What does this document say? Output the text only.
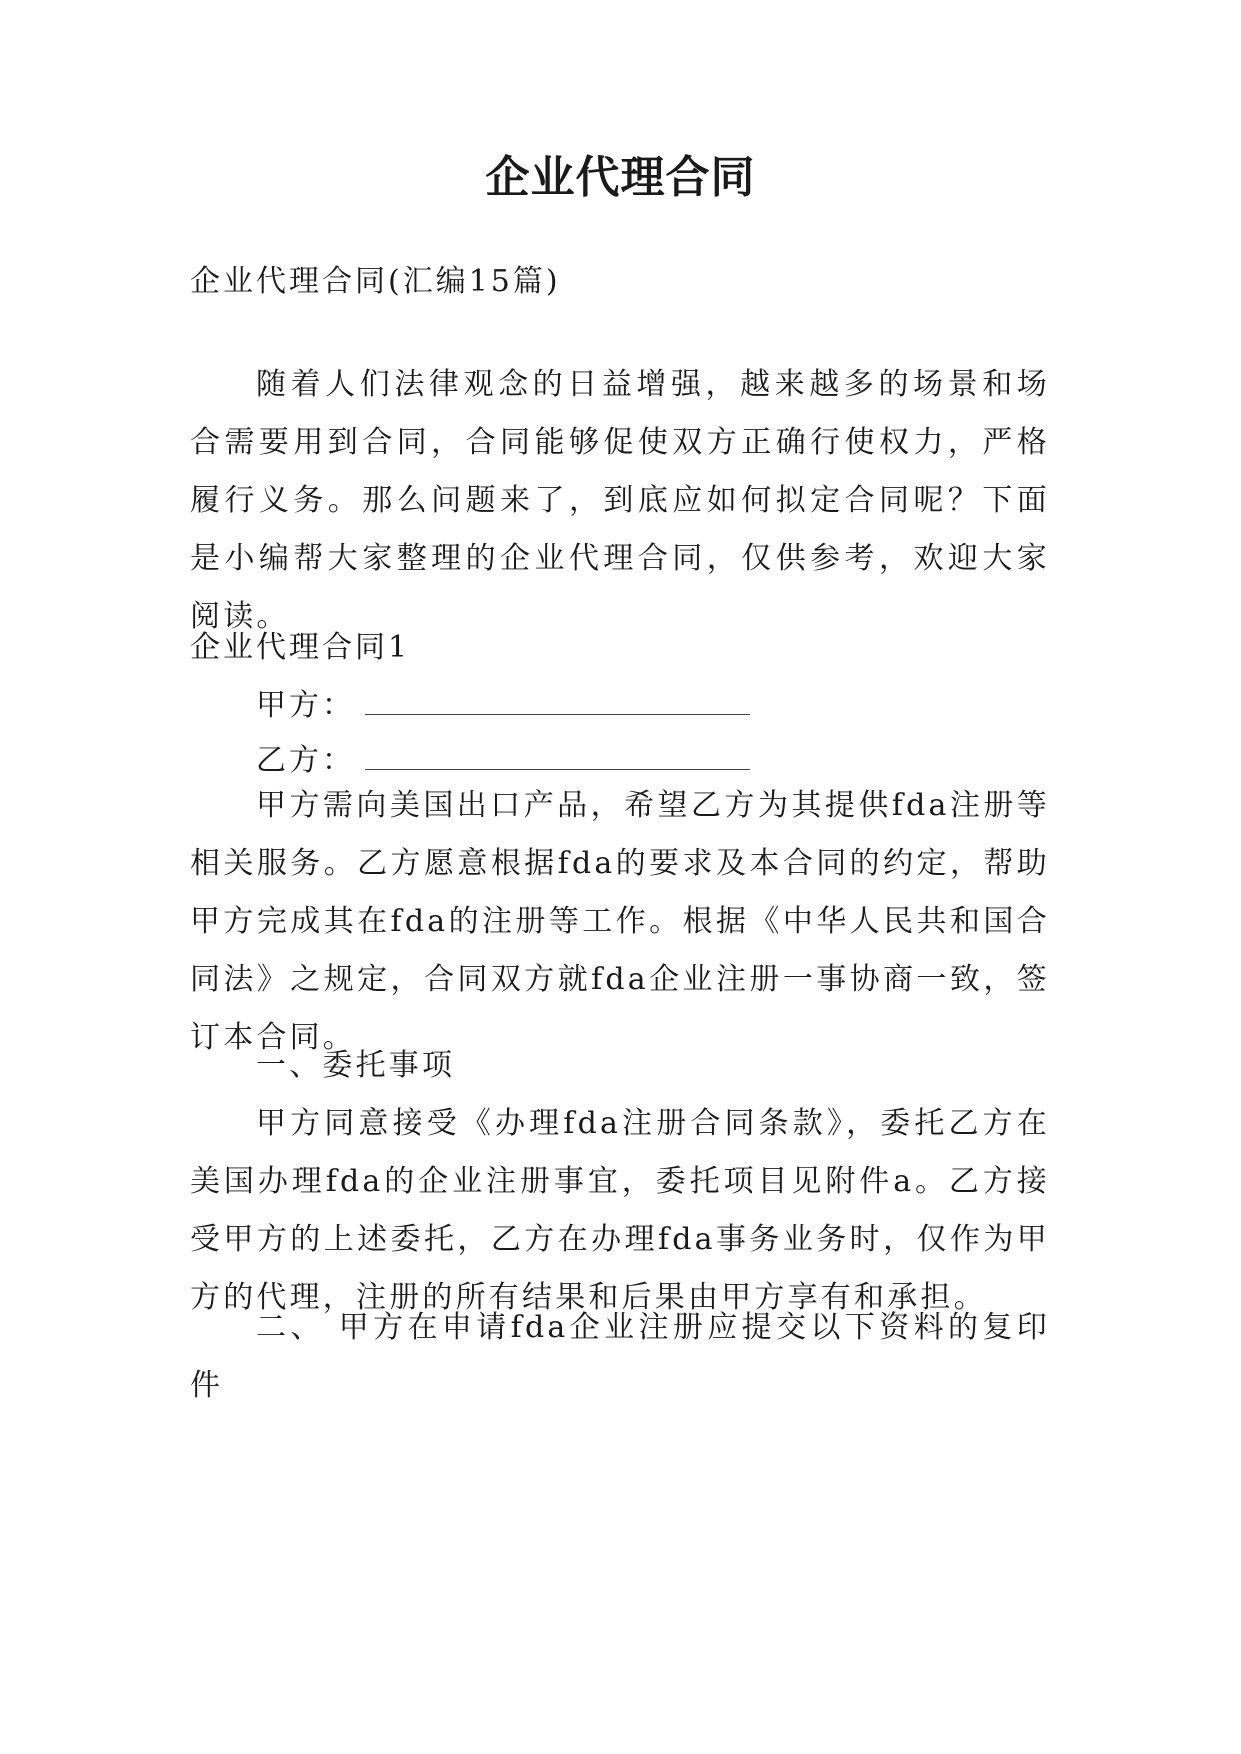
企业代理合同
企业代理合同(汇编15篇)
随着人们法律观念的日益增强，越来越多的场景和场合需要用到合同，合同能够促使双方正确行使权力，严格履行义务。那么问题来了，到底应如何拟定合同呢？下面是小编帮大家整理的企业代理合同，仅供参考，欢迎大家阅读。
企业代理合同1
甲方：
乙方：
甲方需向美国出口产品，希望乙方为其提供fda注册等相关服务。乙方愿意根据fda的要求及本合同的约定，帮助甲方完成其在fda的注册等工作。根据《中华人民共和国合同法》之规定，合同双方就fda企业注册一事协商一致，签订本合同。
一、委托事项
甲方同意接受《办理fda注册合同条款》，委托乙方在美国办理fda的企业注册事宜，委托项目见附件a。乙方接受甲方的上述委托，乙方在办理fda事务业务时，仅作为甲方的代理，注册的所有结果和后果由甲方享有和承担。
二、 甲方在申请fda企业注册应提交以下资料的复印件
